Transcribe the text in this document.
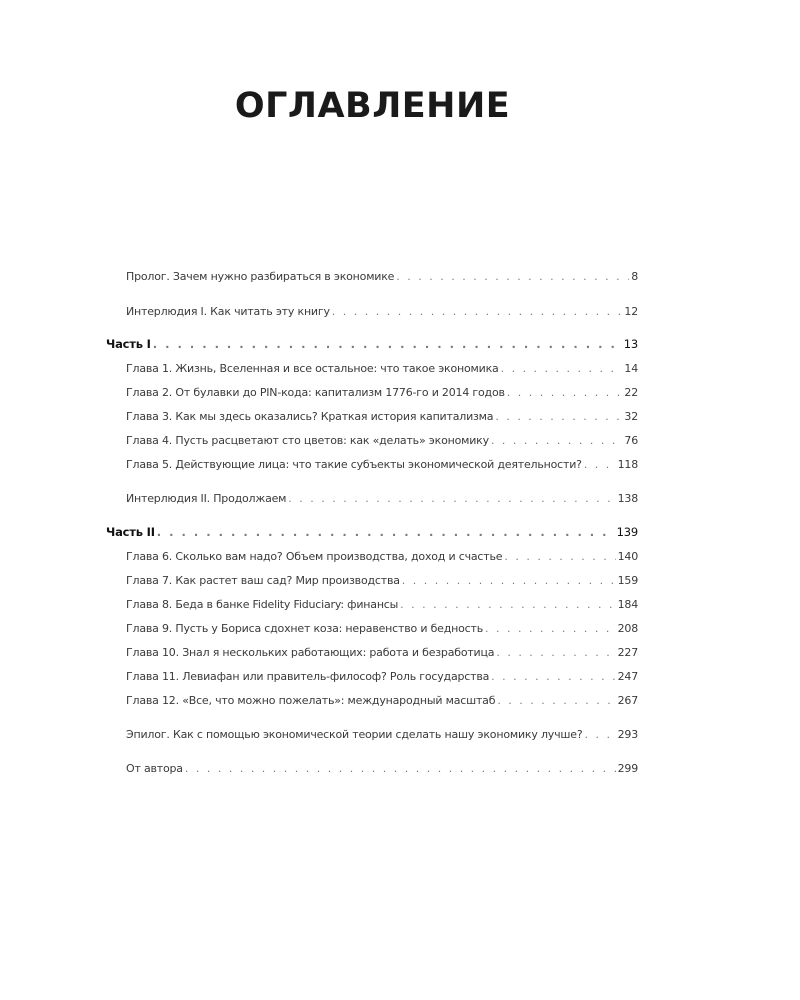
ОГЛАВЛЕНИЕ
Пролог. Зачем нужно разбираться в экономике . . .	8
Интерлюдия I. Как читать эту книгу . . .	12
Часть I . . .	13
Глава 1. Жизнь, Вселенная и все остальное: что такое экономика . . .	14
Глава 2. От булавки до PIN-кода: капитализм 1776-го и 2014 годов . . .	22
Глава 3. Как мы здесь оказались? Краткая история капитализма . . .	32
Глава 4. Пусть расцветают сто цветов: как «делать» экономику . . .	76
Глава 5. Действующие лица: что такие субъекты экономической деятельности? . . .	118
Интерлюдия II. Продолжаем . . .	138
Часть II . . .	139
Глава 6. Сколько вам надо? Объем производства, доход и счастье . . .	140
Глава 7. Как растет ваш сад? Мир производства . . .	159
Глава 8. Беда в банке Fidelity Fiduciary: финансы . . .	184
Глава 9. Пусть у Бориса сдохнет коза: неравенство и бедность . . .	208
Глава 10. Знал я нескольких работающих: работа и безработица . . .	227
Глава 11. Левиафан или правитель-философ? Роль государства . . .	247
Глава 12. «Все, что можно пожелать»: международный масштаб . . .	267
Эпилог. Как с помощью экономической теории сделать нашу экономику лучше? . . .	293
От автора . . .	299
